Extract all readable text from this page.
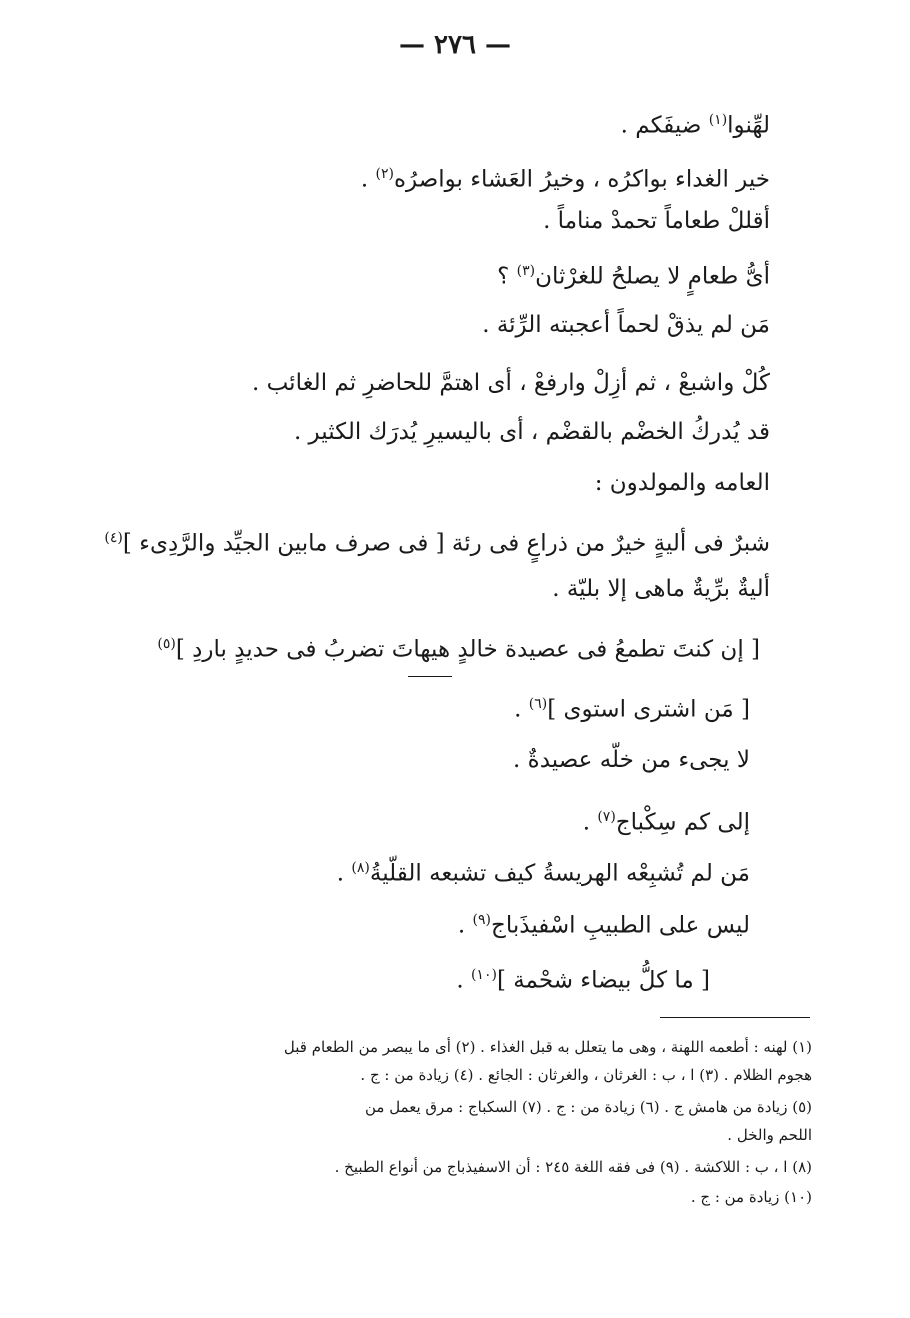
— ٢٧٦ —
لهِّنوا$^{(١)}$ ضيفَكم .
خير الغداء بواكرُه ، وخيرُ العَشاء بواصرُه$^{(٢)}$ .
أقللْ طعاماً تحمدْ مناماً .
أىُّ طعامٍ لا يصلحُ للغرْثان$^{(٣)}$ ؟
مَن لم يذقْ لحماً أعجبته الرِّئة .
كُلْ واشبعْ ، ثم أزِلْ وارفعْ ، أى اهتمَّ للحاضرِ ثم الغائب .
قد يُدركُ الخضْم بالقضْم ، أى باليسيرِ يُدرَك الكثير .
العامه والمولدون :
شبرٌ فى أليةٍ خيرٌ من ذراعٍ فى رئة [ فى صرف مابين الجيِّد والرَّدِىء ]$^{(٤)}$
أليةٌ برِّيةٌ ماهى إلا بليّة .
[ إن كنتَ تطمعُ فى عصيدة خالدٍ هيهاتَ تضربُ فى حديدٍ باردِ ]$^{(٥)}$
[ مَن اشترى استوى ]$^{(٦)}$ .
لا يجىء من خلّه عصيدةٌ .
إلى كم سِكْباج$^{(٧)}$ .
مَن لم تُشبِعْه الهريسةُ كيف تشبعه القلّيةُ$^{(٨)}$ .
ليس على الطبيبِ اسْفيذَباج$^{(٩)}$ .
[ ما كلُّ بيضاء شحْمة ]$^{(١٠)}$ .
(١) لهنه : أطعمه اللهنة ، وهى ما يتعلل به قبل الغذاء . (٢) أى ما يبصر من الطعام قبل
هجوم الظلام . (٣) ا ، ب : الغرثان ، والغرثان : الجائع . (٤) زيادة من : ج .
(٥) زيادة من هامش ج . (٦) زيادة من : ج . (٧) السكباج : مرق يعمل من
اللحم والخل .
(٨) ا ، ب : اللاكشة . (٩) فى فقه اللغة ٢٤٥ : أن الاسفيذباج من أنواع الطبيخ .
(١٠) زيادة من : ج .
